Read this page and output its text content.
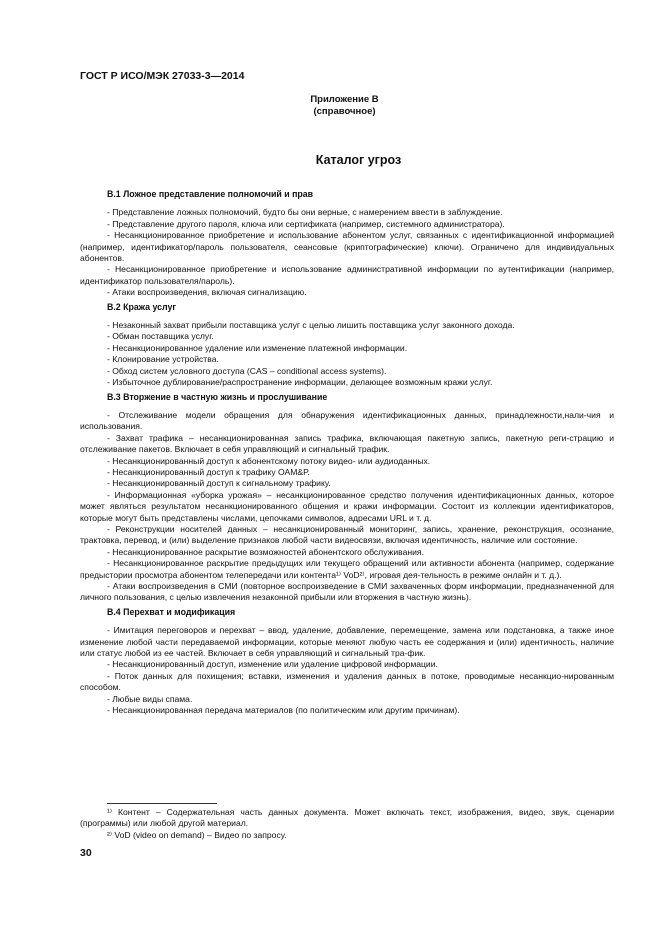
ГОСТ Р ИСО/МЭК 27033-3—2014
Приложение В
(справочное)
Каталог угроз
В.1 Ложное представление полномочий и прав

- Представление ложных полномочий, будто бы они верные, с намерением ввести в заблуждение.

- Представление другого пароля, ключа или сертификата (например, системного администратора).

- Несанкционированное приобретение и использование абонентом услуг, связанных с идентификационной информацией (например, идентификатор/пароль пользователя, сеансовые (криптографические) ключи). Ограничено для индивидуальных абонентов.

- Несанкционированное приобретение и использование административной информации по аутентификации (например, идентификатор пользователя/пароль).

- Атаки воспроизведения, включая сигнализацию.

В.2 Кража услуг

- Незаконный захват прибыли поставщика услуг с целью лишить поставщика услуг законного дохода.

- Обман поставщика услуг.

- Несанкционированное удаление или изменение платежной информации.

- Клонирование устройства.

- Обход систем условного доступа (CAS – conditional access systems).

- Избыточное дублирование/распространение информации, делающее возможным кражи услуг.

В.3 Вторжение в частную жизнь и прослушивание

- Отслеживание модели обращения для обнаружения идентификационных данных, принадлежности,нали-чия и использования.

- Захват трафика – несанкционированная запись трафика, включающая пакетную запись, пакетную реги-страцию и отслеживание пакетов. Включает в себя управляющий и сигнальный трафик.

- Несанкционированный доступ к абонентскому потоку видео- или аудиоданных.

- Несанкционированный доступ к трафику ОАМ&Р.

- Несанкционированный доступ к сигнальному трафику.

- Информационная «уборка урожая» – несанкционированное средство получения идентификационных данных, которое может являться результатом несанкционированного общения и кражи информации. Состоит из коллекции идентификаторов, которые могут быть представлены числами, цепочками символов, адресами URL и т. д.

- Реконструкции носителей данных – несанкционированный мониторинг, запись, хранение, реконструкция, осознание, трактовка, перевод, и (или) выделение признаков любой части видеосвязи, включая идентичность, наличие или состояние.

- Несанкционированное раскрытие возможностей абонентского обслуживания.

- Несанкционированное раскрытие предыдущих или текущего обращений или активности абонента (например, содержание предыстории просмотра абонентом телепередачи или контента¹⁾ VoD²⁾, игровая дея-тельность в режиме онлайн и т. д.).

- Атаки воспроизведения в СМИ (повторное воспроизведение в СМИ захваченных форм информации, предназначенной для личного пользования, с целью извлечения незаконной прибыли или вторжения в частную жизнь).

В.4 Перехват и модификация

- Имитация переговоров и перехват – ввод, удаление, добавление, перемещение, замена или подстановка, а также иное изменение любой части передаваемой информации, которые меняют любую часть ее содержания и (или) идентичность, наличие или статус любой из ее частей. Включает в себя управляющий и сигнальный тра-фик.

- Несанкционированный доступ, изменение или удаление цифровой информации.

- Поток данных для похищения; вставки, изменения и удаления данных в потоке, проводимые несанкцио-нированным способом.

- Любые виды спама.

- Несанкционированная передача материалов (по политическим или другим причинам).

¹⁾ Контент – Содержательная часть данных документа. Может включать текст, изображения, видео, звук, сценарии (программы) или любой другой материал.

²⁾ VoD (video on demand) – Видео по запросу.

30
